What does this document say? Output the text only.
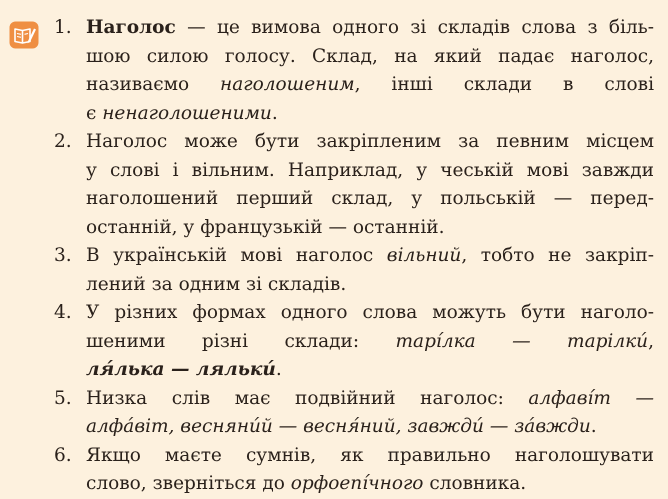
1. Наголос — це вимова одного зі складів слова з біль-
шою силою голосу. Склад, на який падає наголос,
називаємо наголошеним, інші склади в слові
є ненаголошеними.
2. Наголос може бути закріпленим за певним місцем
у слові і вільним. Наприклад, у чеській мові завжди
наголошений перший склад, у польській — перед-
останній, у французькій — останній.
3. В українській мові наголос вільний, тобто не закріп-
лений за одним зі складів.
4. У різних формах одного слова можуть бути наголо-
шеними різні склади: тарі́лка — тарілки́,
ля́лька — ляльки́.
5. Низка слів має подвійний наголос: алфаві́т —
алфа́віт, весняни́й — весня́ний, завжди́ — за́вжди.
6. Якщо маєте сумнів, як правильно наголошувати
слово, зверніться до орфоепі́чного словника.
